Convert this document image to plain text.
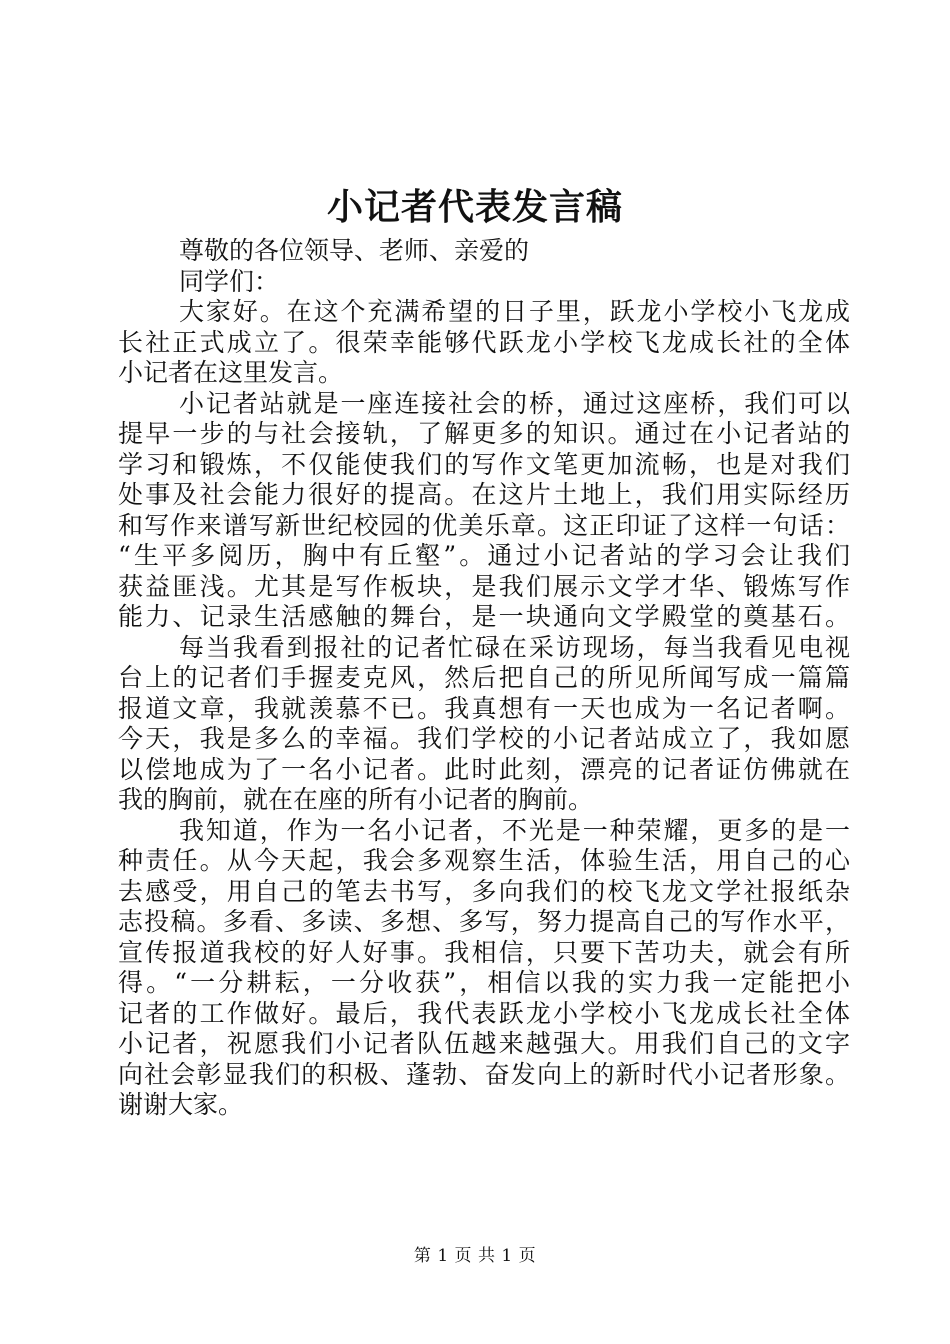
小记者代表发言稿
尊敬的各位领导、老师、亲爱的
同学们：
大家好。在这个充满希望的日子里，跃龙小学校小飞龙成
长社正式成立了。很荣幸能够代跃龙小学校飞龙成长社的全体
小记者在这里发言。
小记者站就是一座连接社会的桥，通过这座桥，我们可以
提早一步的与社会接轨，了解更多的知识。通过在小记者站的
学习和锻炼，不仅能使我们的写作文笔更加流畅，也是对我们
处事及社会能力很好的提高。在这片土地上，我们用实际经历
和写作来谱写新世纪校园的优美乐章。这正印证了这样一句话：
“生平多阅历，胸中有丘壑”。通过小记者站的学习会让我们
获益匪浅。尤其是写作板块，是我们展示文学才华、锻炼写作
能力、记录生活感触的舞台，是一块通向文学殿堂的奠基石。
每当我看到报社的记者忙碌在采访现场，每当我看见电视
台上的记者们手握麦克风，然后把自己的所见所闻写成一篇篇
报道文章，我就羡慕不已。我真想有一天也成为一名记者啊。
今天，我是多么的幸福。我们学校的小记者站成立了，我如愿
以偿地成为了一名小记者。此时此刻，漂亮的记者证仿佛就在
我的胸前，就在在座的所有小记者的胸前。
我知道，作为一名小记者，不光是一种荣耀，更多的是一
种责任。从今天起，我会多观察生活，体验生活，用自己的心
去感受，用自己的笔去书写，多向我们的校飞龙文学社报纸杂
志投稿。多看、多读、多想、多写，努力提高自己的写作水平，
宣传报道我校的好人好事。我相信，只要下苦功夫，就会有所
得。“一分耕耘，一分收获”，相信以我的实力我一定能把小
记者的工作做好。最后，我代表跃龙小学校小飞龙成长社全体
小记者，祝愿我们小记者队伍越来越强大。用我们自己的文字
向社会彰显我们的积极、蓬勃、奋发向上的新时代小记者形象。
谢谢大家。
第 1 页 共 1 页
